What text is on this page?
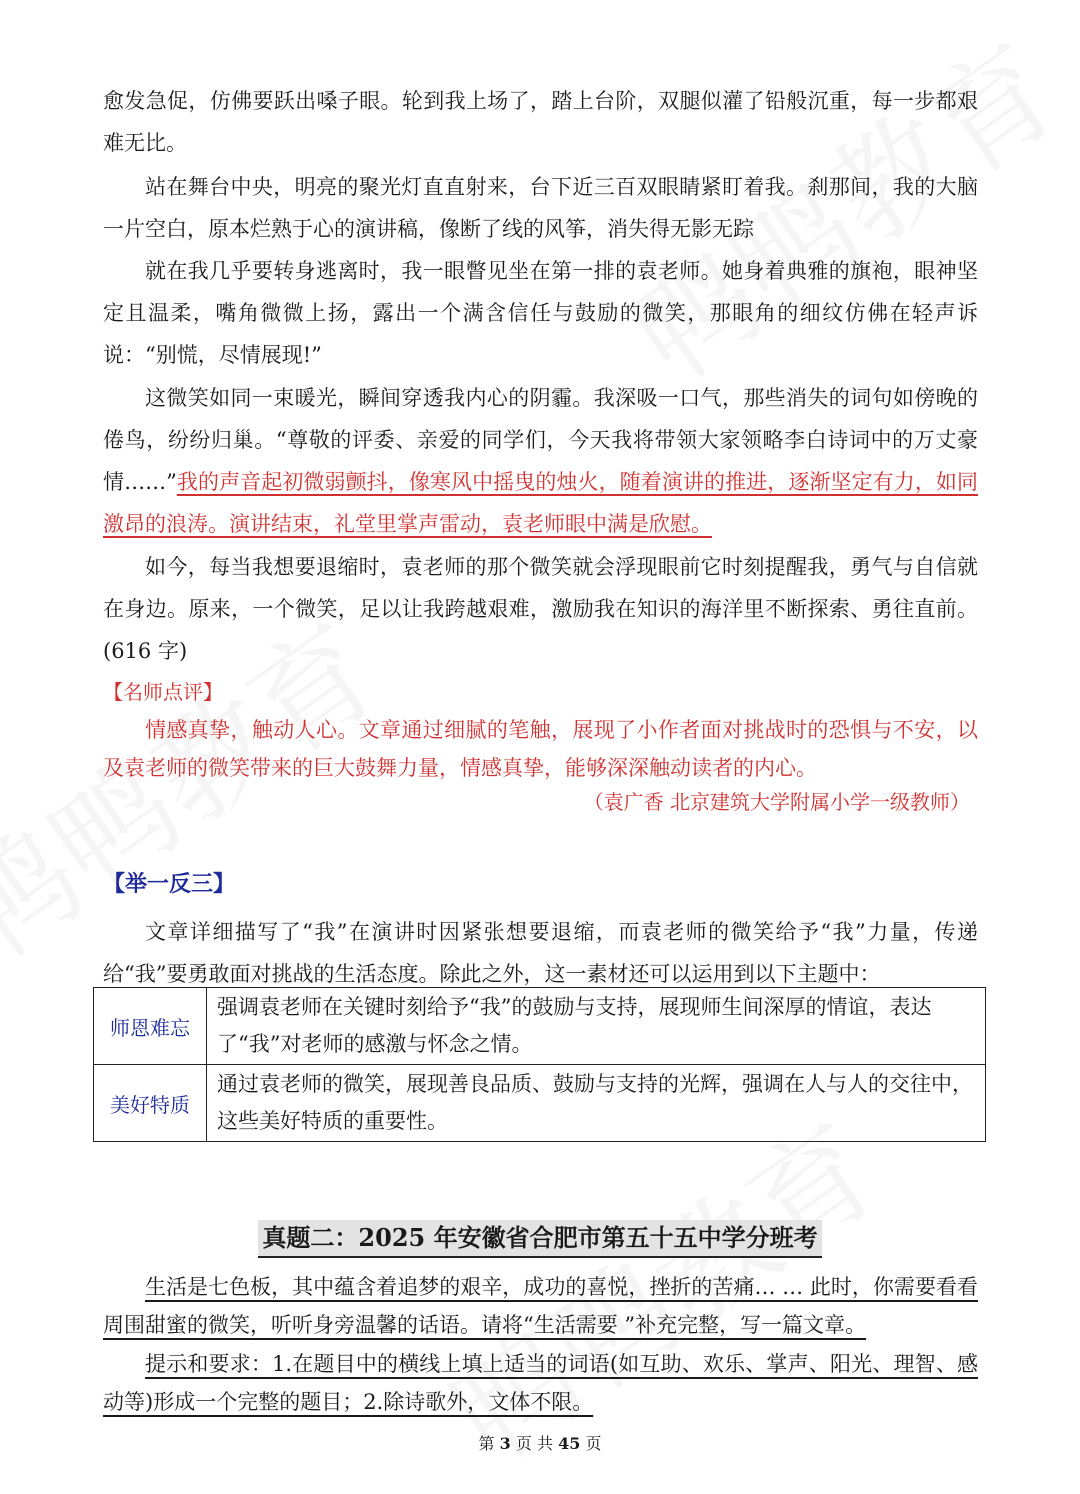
愈发急促，仿佛要跃出嗓子眼。轮到我上场了，踏上台阶，双腿似灌了铅般沉重，每一步都艰难无比。

站在舞台中央，明亮的聚光灯直直射来，台下近三百双眼睛紧盯着我。刹那间，我的大脑一片空白，原本烂熟于心的演讲稿，像断了线的风筝，消失得无影无踪

就在我几乎要转身逃离时，我一眼瞥见坐在第一排的袁老师。她身着典雅的旗袍，眼神坚定且温柔，嘴角微微上扬，露出一个满含信任与鼓励的微笑，那眼角的细纹仿佛在轻声诉说：“别慌，尽情展现!”

这微笑如同一束暖光，瞬间穿透我内心的阴霾。我深吸一口气，那些消失的词句如傍晚的倦鸟，纷纷归巢。“尊敬的评委、亲爱的同学们，今天我将带领大家领略李白诗词中的万丈豪情……”我的声音起初微弱颤抖，像寒风中摇曳的烛火，随着演讲的推进，逐渐坚定有力，如同激昂的浪涛。演讲结束，礼堂里掌声雷动，袁老师眼中满是欣慰。

如今，每当我想要退缩时，袁老师的那个微笑就会浮现眼前它时刻提醒我，勇气与自信就在身边。原来，一个微笑，足以让我跨越艰难，激励我在知识的海洋里不断探索、勇往直前。(616 字)

【名师点评】

情感真挚，触动人心。文章通过细腻的笔触，展现了小作者面对挑战时的恐惧与不安，以及袁老师的微笑带来的巨大鼓舞力量，情感真挚，能够深深触动读者的内心。

（袁广香 北京建筑大学附属小学一级教师）
【举一反三】

文章详细描写了“我”在演讲时因紧张想要退缩，而袁老师的微笑给予“我”力量，传递给“我”要勇敢面对挑战的生活态度。除此之外，这一素材还可以运用到以下主题中：

师恩难忘	强调袁老师在关键时刻给予“我”的鼓励与支持，展现师生间深厚的情谊，表达了“我”对老师的感激与怀念之情。
美好特质	通过袁老师的微笑，展现善良品质、鼓励与支持的光辉，强调在人与人的交往中，这些美好特质的重要性。
真题二：2025 年安徽省合肥市第五十五中学分班考

生活是七色板，其中蕴含着追梦的艰辛，成功的喜悦，挫折的苦痛… … 此时，你需要看看周围甜蜜的微笑，听听身旁温馨的话语。请将“生活需要 ”补充完整，写一篇文章。

提示和要求：1.在题目中的横线上填上适当的词语(如互助、欢乐、掌声、阳光、理智、感动等)形成一个完整的题目；2.除诗歌外，文体不限。

第 3 页 共 45 页
